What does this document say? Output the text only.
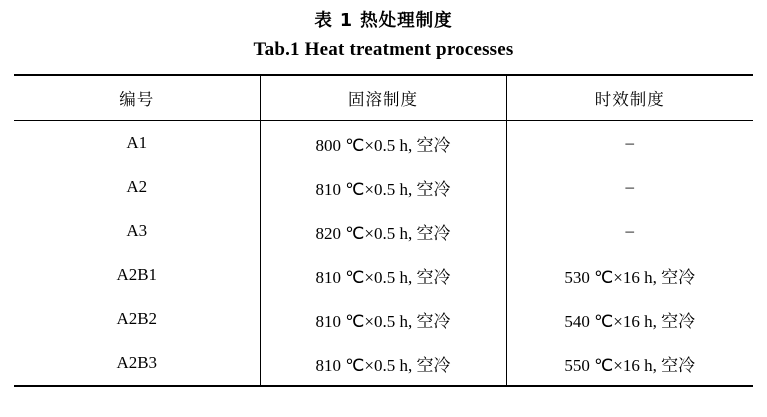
表 1 热处理制度
Tab.1 Heat treatment processes
编号	固溶制度	时效制度
A1	800 ℃×0.5 h, 空冷	–
A2	810 ℃×0.5 h, 空冷	–
A3	820 ℃×0.5 h, 空冷	–
A2B1	810 ℃×0.5 h, 空冷	530 ℃×16 h, 空冷
A2B2	810 ℃×0.5 h, 空冷	540 ℃×16 h, 空冷
A2B3	810 ℃×0.5 h, 空冷	550 ℃×16 h, 空冷
